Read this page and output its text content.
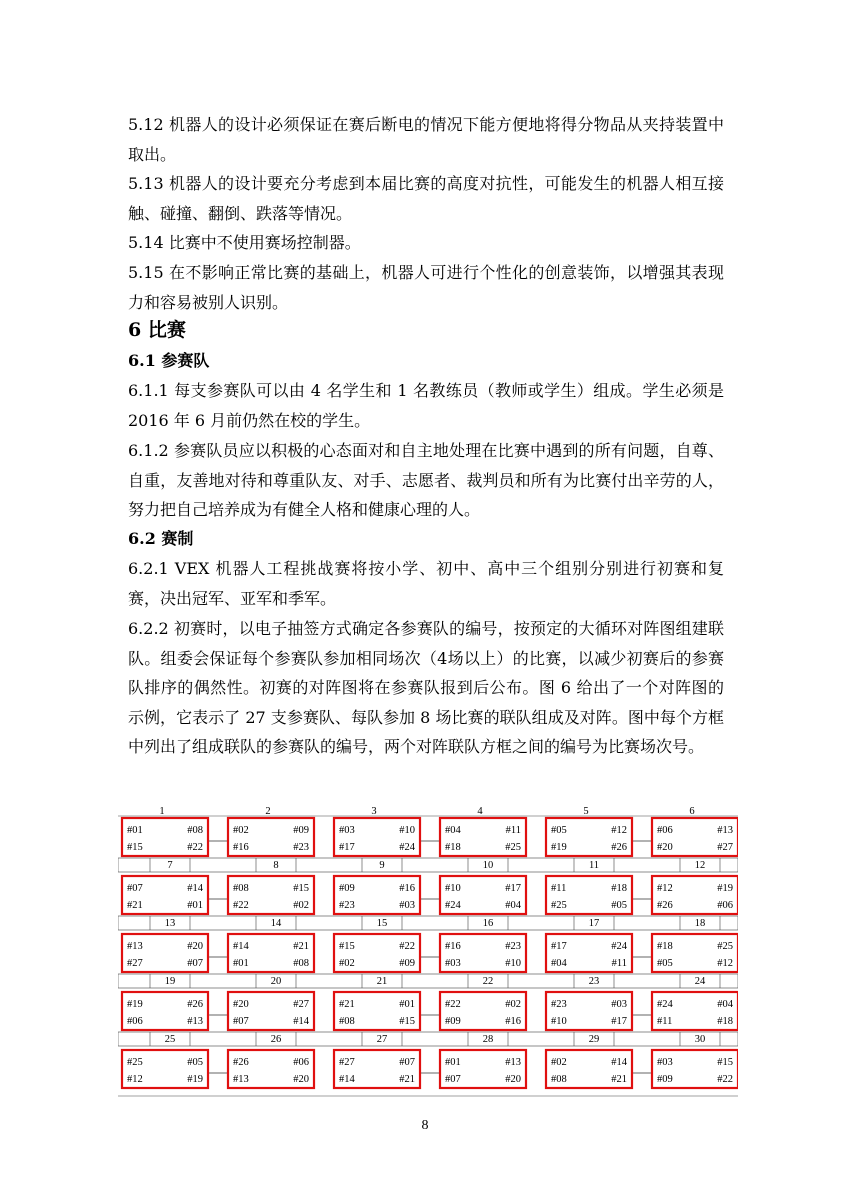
5.12 机器人的设计必须保证在赛后断电的情况下能方便地将得分物品从夹持装置中取出。

5.13 机器人的设计要充分考虑到本届比赛的高度对抗性，可能发生的机器人相互接触、碰撞、翻倒、跌落等情况。

5.14 比赛中不使用赛场控制器。

5.15 在不影响正常比赛的基础上，机器人可进行个性化的创意装饰，以增强其表现力和容易被别人识别。

6 比赛
6.1 参赛队

6.1.1 每支参赛队可以由 4 名学生和 1 名教练员（教师或学生）组成。学生必须是 2016 年 6 月前仍然在校的学生。

6.1.2 参赛队员应以积极的心态面对和自主地处理在比赛中遇到的所有问题，自尊、自重，友善地对待和尊重队友、对手、志愿者、裁判员和所有为比赛付出辛劳的人，努力把自己培养成为有健全人格和健康心理的人。

6.2 赛制

6.2.1 VEX 机器人工程挑战赛将按小学、初中、高中三个组别分别进行初赛和复赛，决出冠军、亚军和季军。

6.2.2 初赛时，以电子抽签方式确定各参赛队的编号，按预定的大循环对阵图组建联队。组委会保证每个参赛队参加相同场次（4场以上）的比赛，以减少初赛后的参赛队排序的偶然性。初赛的对阵图将在参赛队报到后公布。图 6 给出了一个对阵图的示例，它表示了 27 支参赛队、每队参加 8 场比赛的联队组成及对阵。图中每个方框中列出了组成联队的参赛队的编号，两个对阵联队方框之间的编号为比赛场次号。

1	2	3	4	5	6
#01	#08
#15	#22
#02	#09
#16	#23
#03	#10
#17	#24
#04	#11
#18	#25
#05	#12
#19	#26
#06	#13
#20	#27
7	8	9	10	11	12
#07	#14
#21	#01
#08	#15
#22	#02
#09	#16
#23	#03
#10	#17
#24	#04
#11	#18
#25	#05
#12	#19
#26	#06
13	14	15	16	17	18
#13	#20
#27	#07
#14	#21
#01	#08
#15	#22
#02	#09
#16	#23
#03	#10
#17	#24
#04	#11
#18	#25
#05	#12
19	20	21	22	23	24
#19	#26
#06	#13
#20	#27
#07	#14
#21	#01
#08	#15
#22	#02
#09	#16
#23	#03
#10	#17
#24	#04
#11	#18
25	26	27	28	29	30
#25	#05
#12	#19
#26	#06
#13	#20
#27	#07
#14	#21
#01	#13
#07	#20
#02	#14
#08	#21
#03	#15
#09	#22
8
